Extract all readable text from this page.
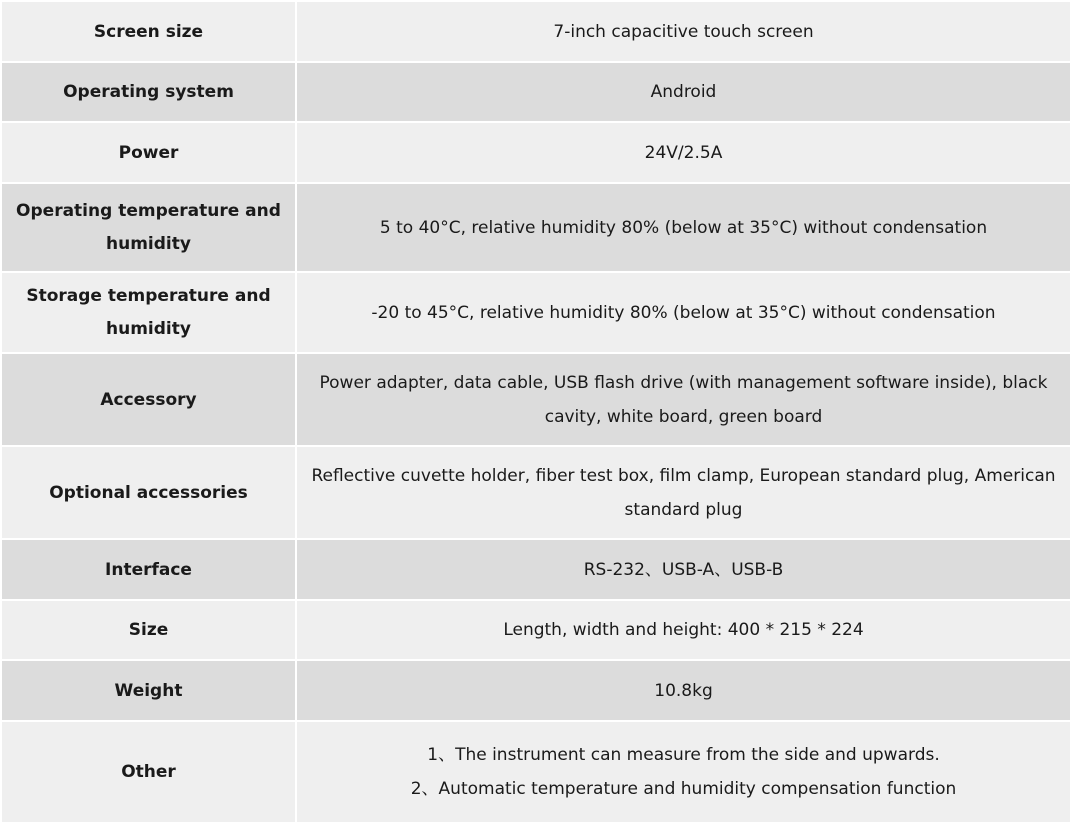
Screen size	7-inch capacitive touch screen

Operating system	Android

Power	24V/2.5A

Operating temperature and humidity	5 to 40°C, relative humidity 80% (below at 35°C) without condensation

Storage temperature and humidity	-20 to 45°C, relative humidity 80% (below at 35°C) without condensation

Accessory	Power adapter, data cable, USB flash drive (with management software inside), black cavity, white board, green board
Optional accessories	Reflective cuvette holder, fiber test box, film clamp, European standard plug, American standard plug
Interface	RS-232、USB-A、USB-B

Size	Length, width and height: 400 * 215 * 224

Weight	10.8kg

Other	1、The instrument can measure from the side and upwards.
2、Automatic temperature and humidity compensation function
